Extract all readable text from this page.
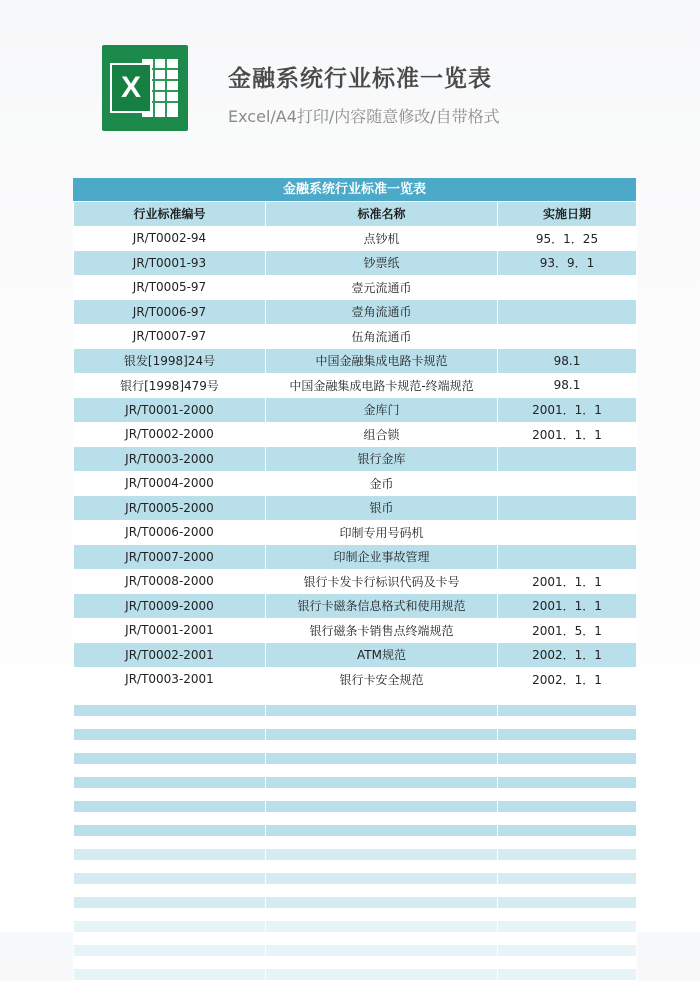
X	金融系统行业标准一览表
Excel/A4打印/内容随意修改/自带格式
金融系统行业标准一览表
行业标准编号	标准名称	实施日期
JR/T0002-94	点钞机	95．1．25
JR/T0001-93	钞票纸	93．9．1
JR/T0005-97	壹元流通币	
JR/T0006-97	壹角流通币	
JR/T0007-97	伍角流通币	
银发[1998]24号	中国金融集成电路卡规范	98.1
银行[1998]479号	中国金融集成电路卡规范-终端规范	98.1
JR/T0001-2000	金库门	2001．1．1
JR/T0002-2000	组合锁	2001．1．1
JR/T0003-2000	银行金库	
JR/T0004-2000	金币	
JR/T0005-2000	银币	
JR/T0006-2000	印制专用号码机	
JR/T0007-2000	印制企业事故管理	
JR/T0008-2000	银行卡发卡行标识代码及卡号	2001．1．1
JR/T0009-2000	银行卡磁条信息格式和使用规范	2001．1．1
JR/T0001-2001	银行磁条卡销售点终端规范	2001．5．1
JR/T0002-2001	ATM规范	2002．1．1
JR/T0003-2001	银行卡安全规范	2002．1．1
